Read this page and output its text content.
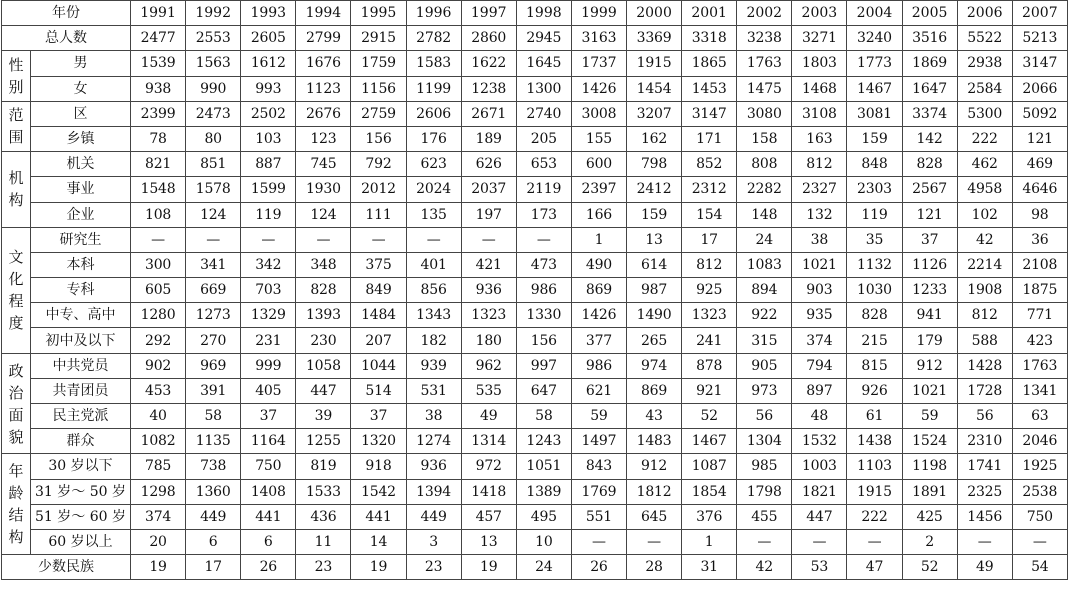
年份		1991	1992	1993	1994	1995	1996	1997	1998	1999	2000	2001	2002	2003	2004	2005	2006	2007
总人数		2477	2553	2605	2799	2915	2782	2860	2945	3163	3369	3318	3238	3271	3240	3516	5522	5213

性
别	男	1539	1563	1612	1676	1759	1583	1622	1645	1737	1915	1865	1763	1803	1773	1869	2938	3147
	女	938	990	993	1123	1156	1199	1238	1300	1426	1454	1453	1475	1468	1467	1647	2584	2066

范
围	区	2399	2473	2502	2676	2759	2606	2671	2740	3008	3207	3147	3080	3108	3081	3374	5300	5092
	乡镇	78	80	103	123	156	176	189	205	155	162	171	158	163	159	142	222	121

机
构	机关	821	851	887	745	792	623	626	653	600	798	852	808	812	848	828	462	469
	事业	1548	1578	1599	1930	2012	2024	2037	2119	2397	2412	2312	2282	2327	2303	2567	4958	4646
	企业	108	124	119	124	111	135	197	173	166	159	154	148	132	119	121	102	98

文
化
程
度	研究生	—	—	—	—	—	—	—	—	1	13	17	24	38	35	37	42	36
	本科	300	341	342	348	375	401	421	473	490	614	812	1083	1021	1132	1126	2214	2108
	专科	605	669	703	828	849	856	936	986	869	987	925	894	903	1030	1233	1908	1875
	中专、高中	1280	1273	1329	1393	1484	1343	1323	1330	1426	1490	1323	922	935	828	941	812	771
	初中及以下	292	270	231	230	207	182	180	156	377	265	241	315	374	215	179	588	423

政
治
面
貌	中共党员	902	969	999	1058	1044	939	962	997	986	974	878	905	794	815	912	1428	1763
	共青团员	453	391	405	447	514	531	535	647	621	869	921	973	897	926	1021	1728	1341
	民主党派	40	58	37	39	37	38	49	58	59	43	52	56	48	61	59	56	63
	群众	1082	1135	1164	1255	1320	1274	1314	1243	1497	1483	1467	1304	1532	1438	1524	2310	2046

年
龄
结
构	30 岁以下	785	738	750	819	918	936	972	1051	843	912	1087	985	1003	1103	1198	1741	1925
	31 岁～ 50 岁	1298	1360	1408	1533	1542	1394	1418	1389	1769	1812	1854	1798	1821	1915	1891	2325	2538
	51 岁～ 60 岁	374	449	441	436	441	449	457	495	551	645	376	455	447	222	425	1456	750
	60 岁以上	20	6	6	11	14	3	13	10	—	—	1	—	—	—	2	—	—
少数民族		19	17	26	23	19	23	19	24	26	28	31	42	53	47	52	49	54
